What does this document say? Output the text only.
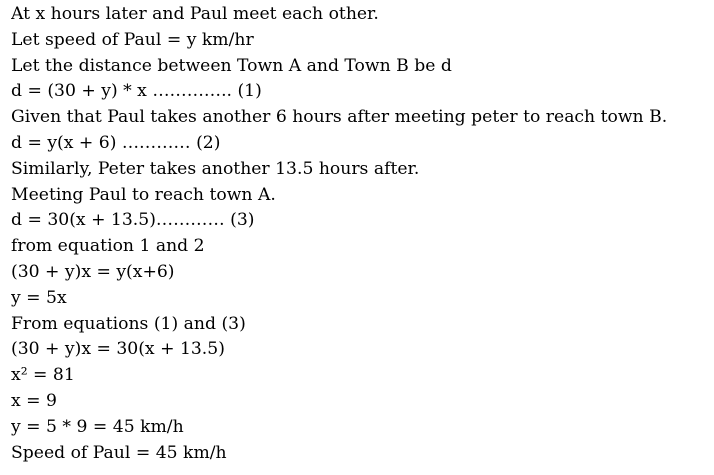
At x hours later and Paul meet each other.
Let speed of Paul = y km/hr
Let the distance between Town A and Town B be d
d = (30 + y) * x ………….. (1)
Given that Paul takes another 6 hours after meeting peter to reach town B.
d = y(x + 6) ………… (2)
Similarly, Peter takes another 13.5 hours after.
Meeting Paul to reach town A.
d = 30(x + 13.5)………… (3)
from equation 1 and 2
(30 + y)x = y(x+6)
y = 5x
From equations (1) and (3)
(30 + y)x = 30(x + 13.5)
x² = 81
x = 9
y = 5 * 9 = 45 km/h
Speed of Paul = 45 km/h
